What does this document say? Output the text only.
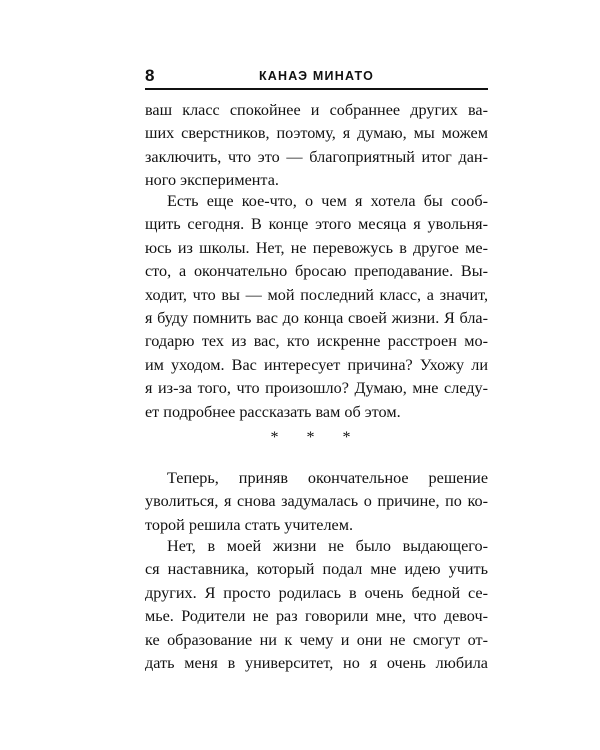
8	КАНАЭ МИНАТО
ваш класс спокойнее и собраннее других ва-
ших сверстников, поэтому, я думаю, мы можем
заключить, что это — благоприятный итог дан-
ного эксперимента.
Есть еще кое-что, о чем я хотела бы сооб-
щить сегодня. В конце этого месяца я увольня-
юсь из школы. Нет, не перевожусь в другое ме-
сто, а окончательно бросаю преподавание. Вы-
ходит, что вы — мой последний класс, а значит,
я буду помнить вас до конца своей жизни. Я бла-
годарю тех из вас, кто искренне расстроен мо-
им уходом. Вас интересует причина? Ухожу ли
я из-за того, что произошло? Думаю, мне следу-
ет подробнее рассказать вам об этом.
* * *
Теперь, приняв окончательное решение
уволиться, я снова задумалась о причине, по ко-
торой решила стать учителем.
Нет, в моей жизни не было выдающего-
ся наставника, который подал мне идею учить
других. Я просто родилась в очень бедной се-
мье. Родители не раз говорили мне, что девоч-
ке образование ни к чему и они не смогут от-
дать меня в университет, но я очень любила
